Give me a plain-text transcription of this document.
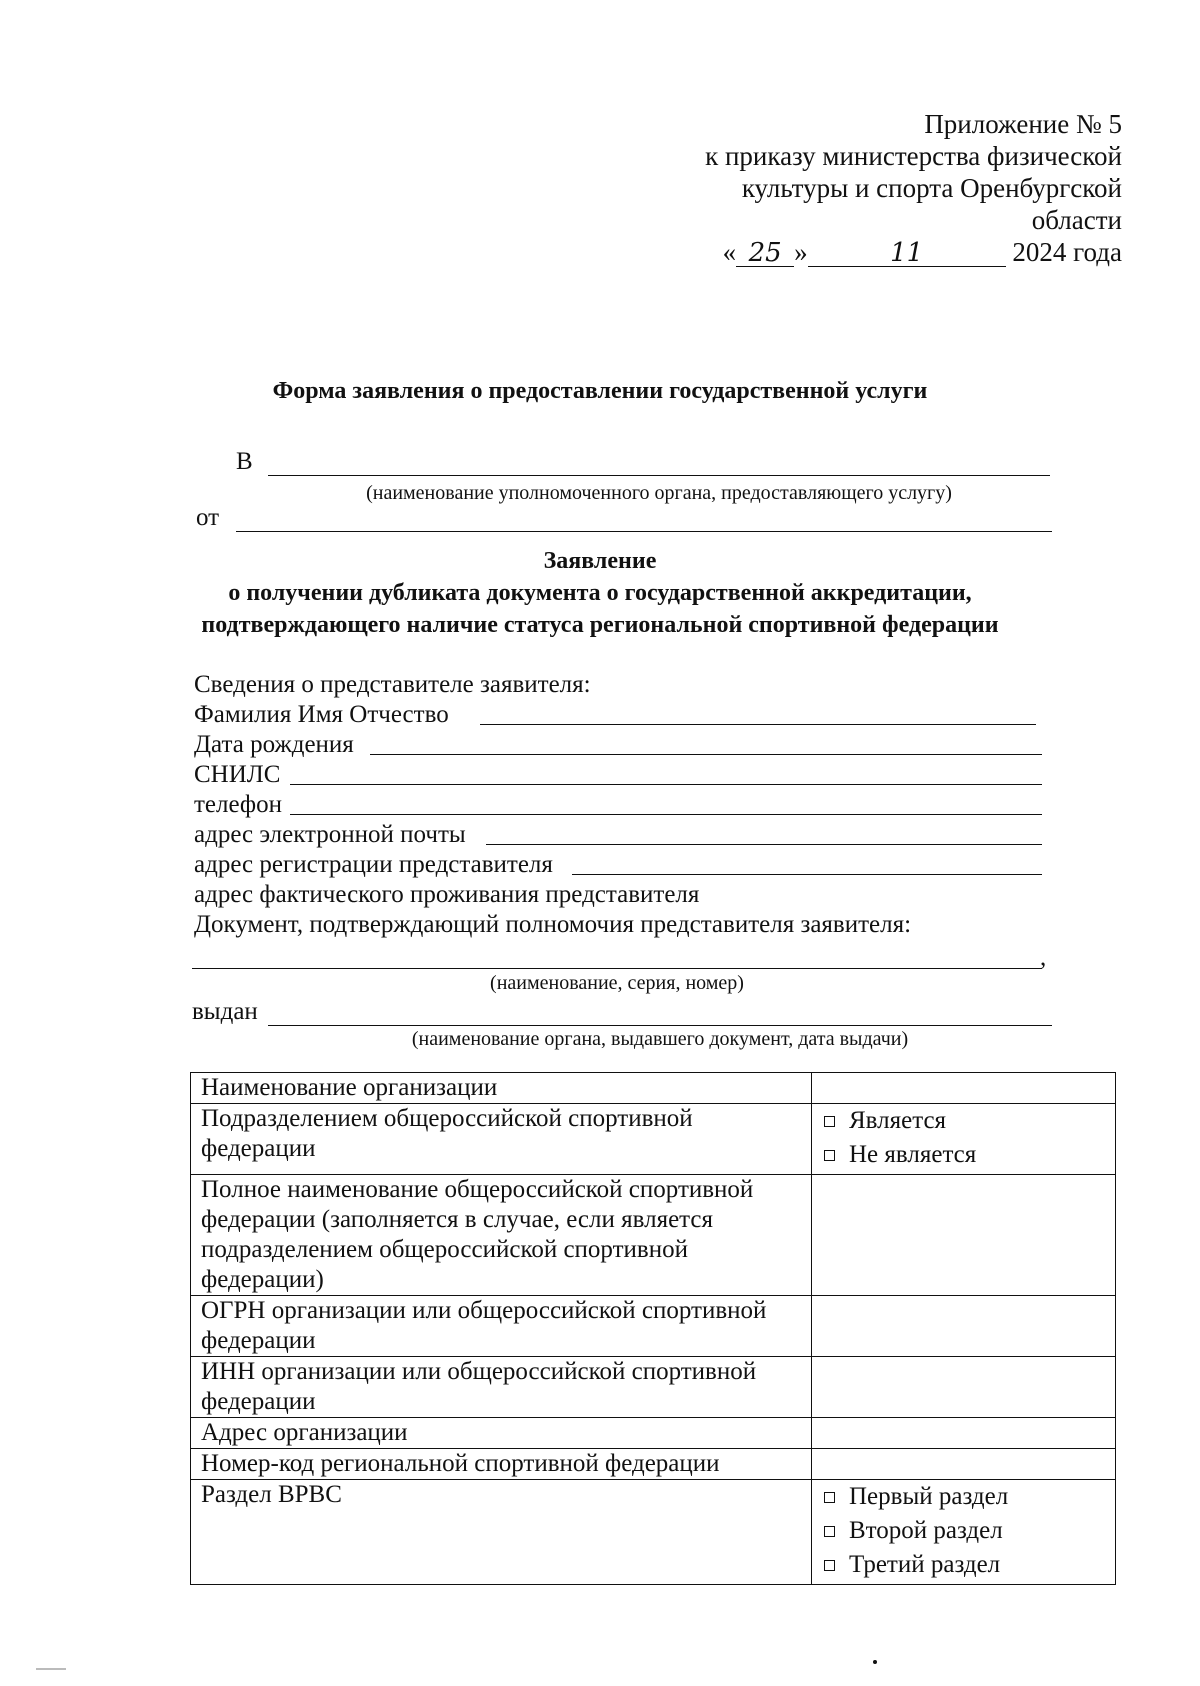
Приложение № 5
к приказу министерства физической
культуры и спорта Оренбургской
области
« 25 »	11	2024 года
Форма заявления о предоставлении государственной услуги
В
(наименование уполномоченного органа, предоставляющего услугу)
от
Заявление
о получении дубликата документа о государственной аккредитации,
подтверждающего наличие статуса региональной спортивной федерации
Сведения о представителе заявителя:
Фамилия Имя Отчество
Дата рождения
СНИЛС
телефон
адрес электронной почты
адрес регистрации представителя
адрес фактического проживания представителя
Документ, подтверждающий полномочия представителя заявителя:
,
(наименование, серия, номер)
выдан
(наименование органа, выдавшего документ, дата выдачи)
Наименование организации	
Подразделением общероссийской спортивной федерации	Является
Не является

Полное наименование общероссийской спортивной федерации (заполняется в случае, если является подразделением общероссийской спортивной федерации)	
ОГРН организации или общероссийской спортивной федерации	
ИНН организации или общероссийской спортивной федерации	
Адрес организации	
Номер-код региональной спортивной федерации	
Раздел ВРВС	Первый раздел
Второй раздел
Третий раздел
